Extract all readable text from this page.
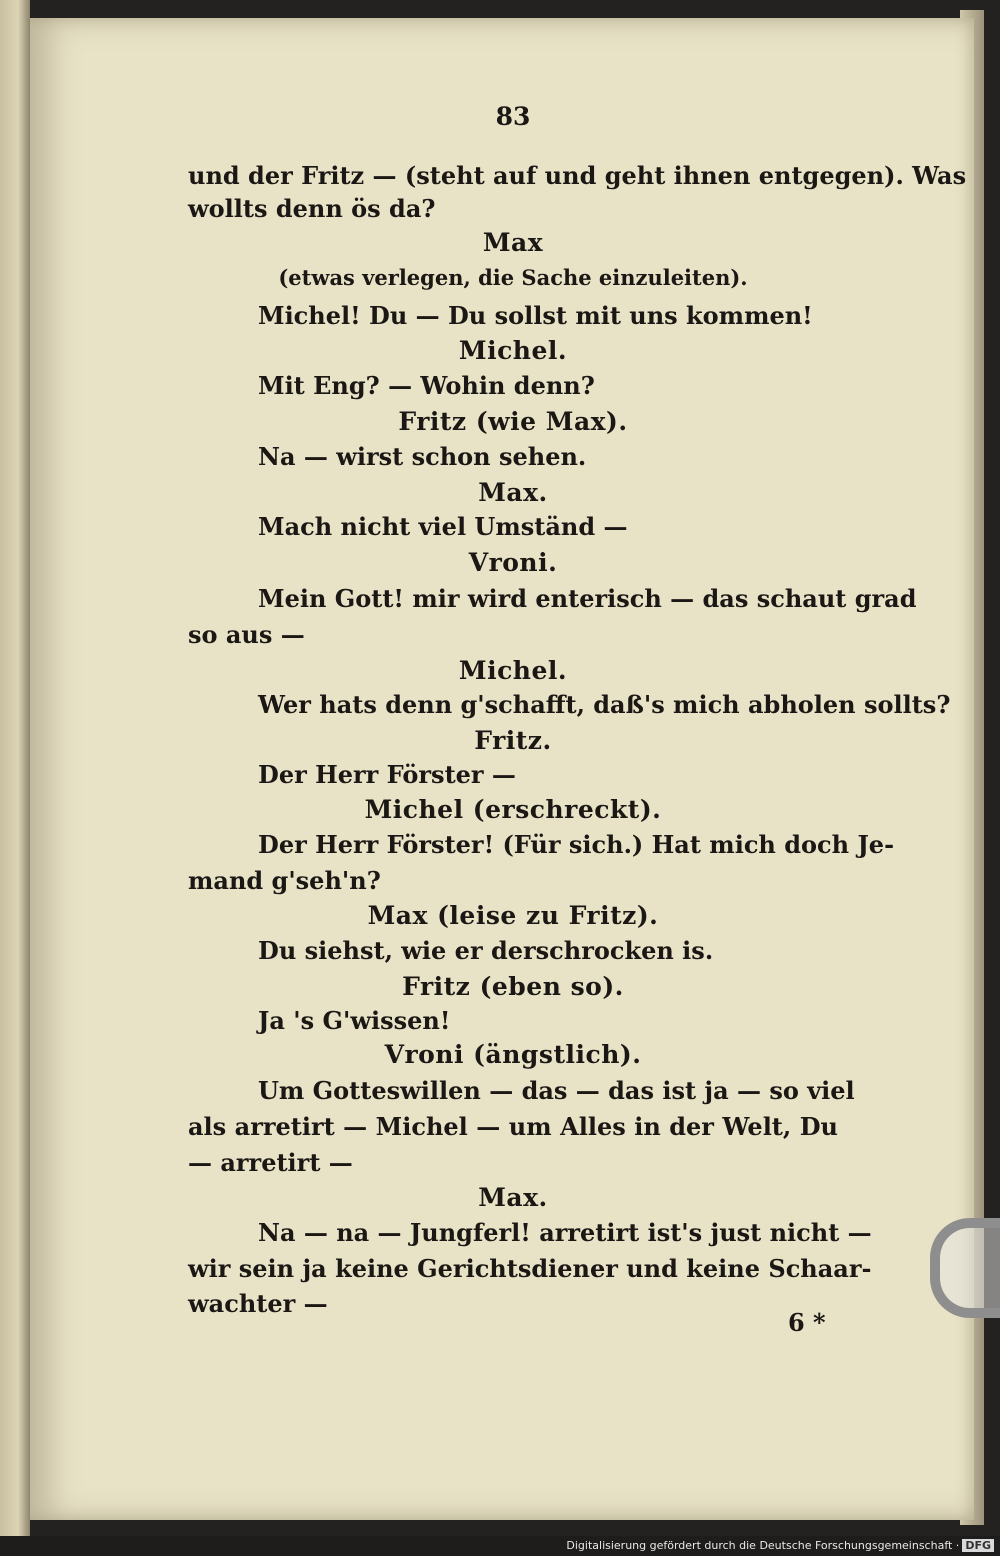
83
und der Fritz — (steht auf und geht ihnen entgegen). Was
wollts denn ös da?
Max
(etwas verlegen, die Sache einzuleiten).
Michel! Du — Du sollst mit uns kommen!
Michel.
Mit Eng? — Wohin denn?
Fritz (wie Max).
Na — wirst schon sehen.
Max.
Mach nicht viel Umständ —
Vroni.
Mein Gott! mir wird enterisch — das schaut grad
so aus —
Michel.
Wer hats denn g'schafft, daß's mich abholen sollts?
Fritz.
Der Herr Förster —
Michel (erschreckt).
Der Herr Förster! (Für sich.) Hat mich doch Je-
mand g'seh'n?
Max (leise zu Fritz).
Du siehst, wie er derschrocken is.
Fritz (eben so).
Ja 's G'wissen!
Vroni (ängstlich).
Um Gotteswillen — das — das ist ja — so viel
als arretirt — Michel — um Alles in der Welt, Du
— arretirt —
Max.
Na — na — Jungferl! arretirt ist's just nicht —
wir sein ja keine Gerichtsdiener und keine Schaar-
wachter —
6 *
Digitalisierung gefördert durch die Deutsche Forschungsgemeinschaft · DFG
